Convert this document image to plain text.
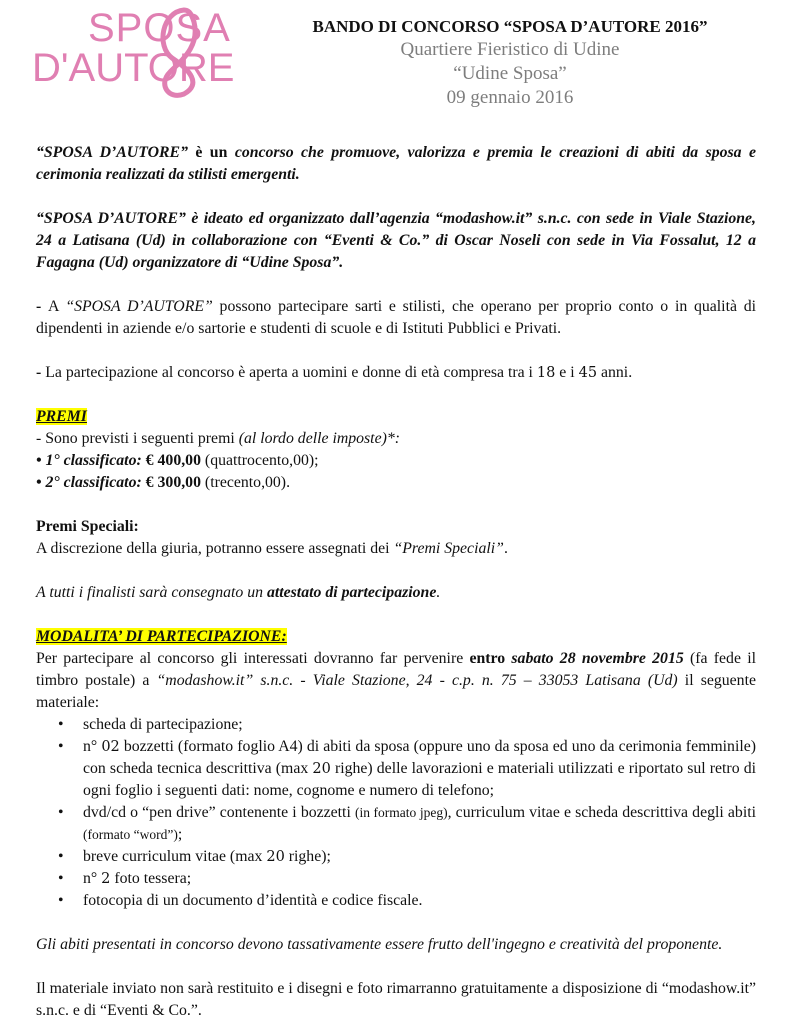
SPOSA
D'AUTORE
BANDO DI CONCORSO “SPOSA D’AUTORE 2016”
Quartiere Fieristico di Udine
“Udine Sposa”
09 gennaio 2016

“SPOSA D’AUTORE” è un concorso che promuove, valorizza e premia le creazioni di abiti da sposa e cerimonia realizzati da stilisti emergenti.

“SPOSA D’AUTORE” è ideato ed organizzato dall’agenzia “modashow.it” s.n.c. con sede in Viale Stazione, 24 a Latisana (Ud) in collaborazione con “Eventi & Co.” di Oscar Noseli con sede in Via Fossalut, 12 a Fagagna (Ud) organizzatore di “Udine Sposa”.

- A “SPOSA D’AUTORE” possono partecipare sarti e stilisti, che operano per proprio conto o in qualità di dipendenti in aziende e/o sartorie e studenti di scuole e di Istituti Pubblici e Privati.

- La partecipazione al concorso è aperta a uomini e donne di età compresa tra i 18 e i 45 anni.

PREMI

- Sono previsti i seguenti premi (al lordo delle imposte)*:

• 1° classificato: € 400,00 (quattrocento,00);

• 2° classificato: € 300,00 (trecento,00).

Premi Speciali:

A discrezione della giuria, potranno essere assegnati dei “Premi Speciali”.

A tutti i finalisti sarà consegnato un attestato di partecipazione.

MODALITA’ DI PARTECIPAZIONE:

Per partecipare al concorso gli interessati dovranno far pervenire entro sabato 28 novembre 2015 (fa fede il timbro postale) a “modashow.it” s.n.c. - Viale Stazione, 24 - c.p. n. 75 – 33053 Latisana (Ud) il seguente materiale:

• scheda di partecipazione;
• n° 02 bozzetti (formato foglio A4) di abiti da sposa (oppure uno da sposa ed uno da cerimonia femminile) con scheda tecnica descrittiva (max 20 righe) delle lavorazioni e materiali utilizzati e riportato sul retro di ogni foglio i seguenti dati: nome, cognome e numero di telefono;
• dvd/cd o “pen drive” contenente i bozzetti (in formato jpeg), curriculum vitae e scheda descrittiva degli abiti (formato “word”);
• breve curriculum vitae (max 20 righe);
• n° 2 foto tessera;
• fotocopia di un documento d’identità e codice fiscale.

Gli abiti presentati in concorso devono tassativamente essere frutto dell'ingegno e creatività del proponente.

Il materiale inviato non sarà restituito e i disegni e foto rimarranno gratuitamente a disposizione di “modashow.it” s.n.c. e di “Eventi & Co.”.
